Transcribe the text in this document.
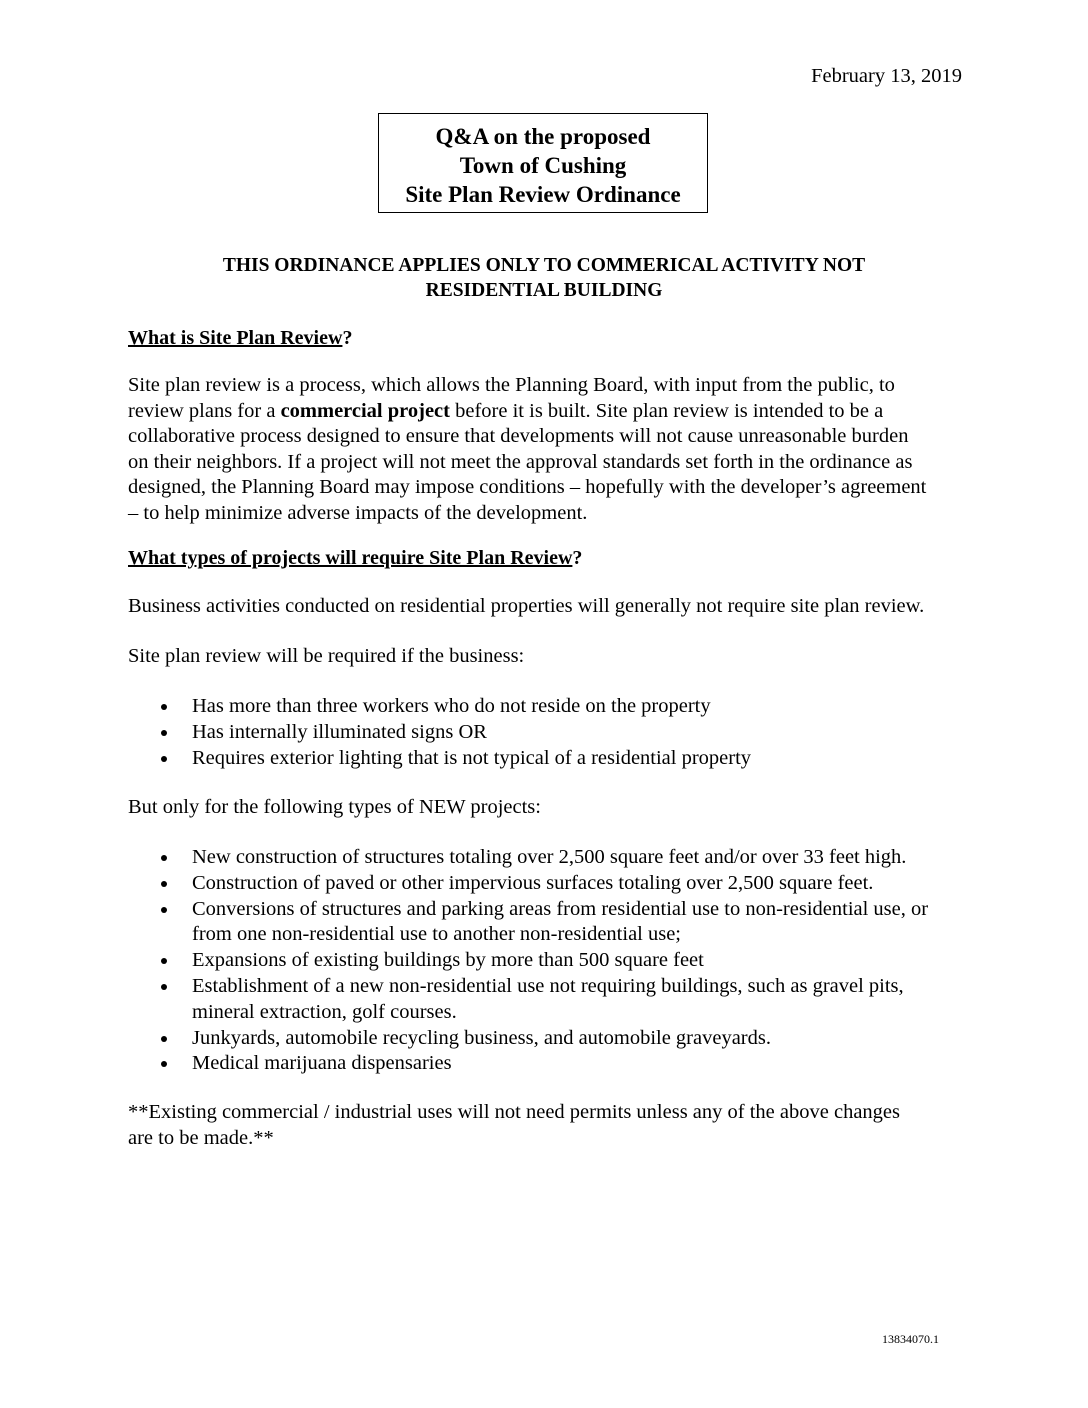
February 13, 2019
Q&A on the proposed
Town of Cushing
Site Plan Review Ordinance
THIS ORDINANCE APPLIES ONLY TO COMMERICAL ACTIVITY NOT
RESIDENTIAL BUILDING
What is Site Plan Review?
Site plan review is a process, which allows the Planning Board, with input from the public, to
review plans for a commercial project before it is built. Site plan review is intended to be a
collaborative process designed to ensure that developments will not cause unreasonable burden
on their neighbors. If a project will not meet the approval standards set forth in the ordinance as
designed, the Planning Board may impose conditions – hopefully with the developer’s agreement
– to help minimize adverse impacts of the development.
What types of projects will require Site Plan Review?
Business activities conducted on residential properties will generally not require site plan review.
Site plan review will be required if the business:
Has more than three workers who do not reside on the property
Has internally illuminated signs OR
Requires exterior lighting that is not typical of a residential property
But only for the following types of NEW projects:
New construction of structures totaling over 2,500 square feet and/or over 33 feet high.
Construction of paved or other impervious surfaces totaling over 2,500 square feet.
Conversions of structures and parking areas from residential use to non-residential use, or
from one non-residential use to another non-residential use;
Expansions of existing buildings by more than 500 square feet
Establishment of a new non-residential use not requiring buildings, such as gravel pits,
mineral extraction, golf courses.
Junkyards, automobile recycling business, and automobile graveyards.
Medical marijuana dispensaries
**Existing commercial / industrial uses will not need permits unless any of the above changes
are to be made.**
13834070.1
